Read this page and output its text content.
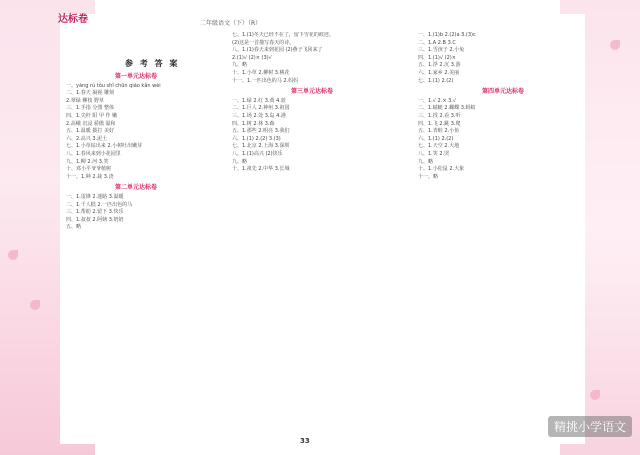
达标卷	二年级语文（下）（R）
参 考 答 案
第一单元达标卷
一、yáng rú tǒu shǐ chūn qiáo kǎn wèi
二、1.春天 凝视 雕刻
2.翠绿 柳枝 野草
三、1.手指 分图 整体
四、1.尖杆 阳 甲 作 嫩
2.高峨 沉浸 骄傲 温和
五、1.温暖 拨打 美好
六、2.高兴 3.泥土
七、1.小草钻出来 2.小树吐出嫩芽
八、1.春风来到小花园里
九、1.柳 2.河 3.笑
十、邓小平爷爷植树
十一、1.种 2.栽 3.浇
第二单元达标卷
一、1.雷锋 2.迷路 3.温暖
二、1.千人糕 2.一匹出色的马
三、1.帮助 2.留下 3.快乐
四、1.叔叔 2.阿姨 3.奶奶
五、略
七、1.(1)冬天已经不在了，留下雪花的痕迹。
(2)这是一首描写春天的诗。
八、1.(1)春天来到花园 (2)燕子飞回来了
2.(1)√ (2)× (3)√
九、略
十、1.小草 2.柳树 3.桃花
十一、1.一匹出色的马 2.妈妈
第三单元达标卷
一、1.绿 2.红 3.黄 4.蓝
二、1.巨人 2.神州 3.祖国
三、1.场 2.处 3.岛 4.港
四、1.树 2.林 3.森
五、1.那些 2.明亮 3.我们
六、1.(1) 2.(2) 3.(3)
七、1.北京 2.上海 3.深圳
八、1.(1)高兴 (2)快乐
九、略
十、1.祖先 2.中华 3.长城
一、1.(1)b 2.(2)a 3.(3)c
二、1.A 2.B 3.C
三、1.雪孩子 2.小兔
四、1.(1)√ (2)×
五、1.浮 2.沉 3.游
六、1.家乡 2.美丽
七、1.(1) 2.(2)
第四单元达标卷
一、1.√ 2.× 3.√
二、1.蜻蜓 2.蝴蝶 3.蚂蚁
三、1.找 2.看 3.听
四、1.飞 2.跳 3.爬
五、1.青蛙 2.小鱼
六、1.(1) 2.(2)
七、1.天空 2.大地
八、1.笑 2.哭
九、略
十、1.小松鼠 2.大象
十一、略
33
精挑小学语文
